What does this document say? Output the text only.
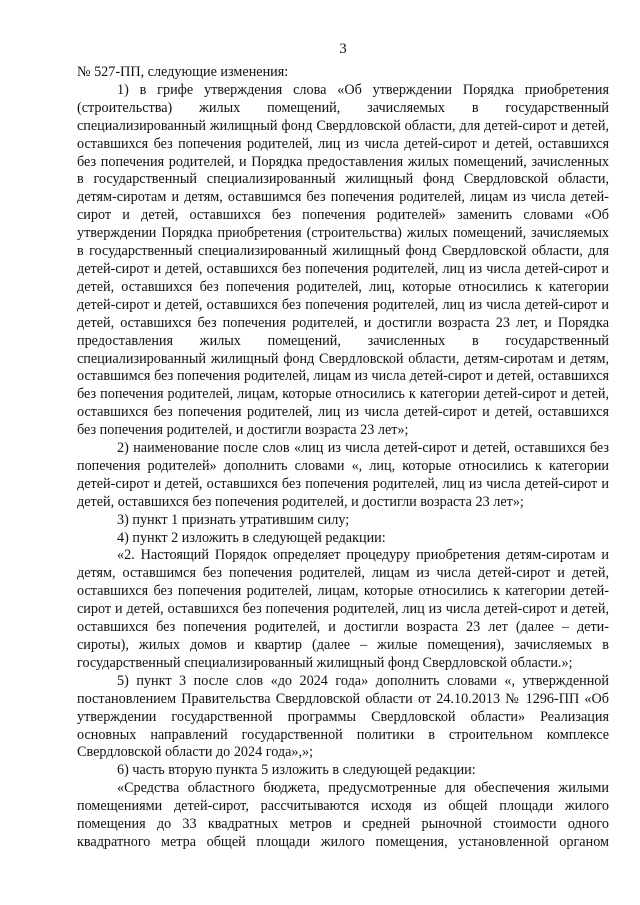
3

№ 527-ПП, следующие изменения:

1) в грифе утверждения слова «Об утверждении Порядка приобретения (строительства) жилых помещений, зачисляемых в государственный специализированный жилищный фонд Свердловской области, для детей-сирот и детей, оставшихся без попечения родителей, лиц из числа детей-сирот и детей, оставшихся без попечения родителей, и Порядка предоставления жилых помещений, зачисленных в государственный специализированный жилищный фонд Свердловской области, детям-сиротам и детям, оставшимся без попечения родителей, лицам из числа детей-сирот и детей, оставшихся без попечения родителей» заменить словами «Об утверждении Порядка приобретения (строительства) жилых помещений, зачисляемых в государственный специализированный жилищный фонд Свердловской области, для детей-сирот и детей, оставшихся без попечения родителей, лиц из числа детей-сирот и детей, оставшихся без попечения родителей, лиц, которые относились к категории детей-сирот и детей, оставшихся без попечения родителей, лиц из числа детей-сирот и детей, оставшихся без попечения родителей, и достигли возраста 23 лет, и Порядка предоставления жилых помещений, зачисленных в государственный специализированный жилищный фонд Свердловской области, детям-сиротам и детям, оставшимся без попечения родителей, лицам из числа детей-сирот и детей, оставшихся без попечения родителей, лицам, которые относились к категории детей-сирот и детей, оставшихся без попечения родителей, лиц из числа детей-сирот и детей, оставшихся без попечения родителей, и достигли возраста 23 лет»;

2) наименование после слов «лиц из числа детей-сирот и детей, оставшихся без попечения родителей» дополнить словами «, лиц, которые относились к категории детей-сирот и детей, оставшихся без попечения родителей, лиц из числа детей-сирот и детей, оставшихся без попечения родителей, и достигли возраста 23 лет»;

3) пункт 1 признать утратившим силу;

4) пункт 2 изложить в следующей редакции:

«2. Настоящий Порядок определяет процедуру приобретения детям-сиротам и детям, оставшимся без попечения родителей, лицам из числа детей-сирот и детей, оставшихся без попечения родителей, лицам, которые относились к категории детей-сирот и детей, оставшихся без попечения родителей, лиц из числа детей-сирот и детей, оставшихся без попечения родителей, и достигли возраста 23 лет (далее – дети-сироты), жилых домов и квартир (далее – жилые помещения), зачисляемых в государственный специализированный жилищный фонд Свердловской области.»;

5) пункт 3 после слов «до 2024 года» дополнить словами «, утвержденной постановлением Правительства Свердловской области от 24.10.2013 № 1296-ПП «Об утверждении государственной программы Свердловской области» Реализация основных направлений государственной политики в строительном комплексе Свердловской области до 2024 года»,»;

6) часть вторую пункта 5 изложить в следующей редакции:

«Средства областного бюджета, предусмотренные для обеспечения жилыми помещениями детей-сирот, рассчитываются исходя из общей площади жилого помещения до 33 квадратных метров и средней рыночной стоимости одного квадратного метра общей площади жилого помещения, установленной органом
